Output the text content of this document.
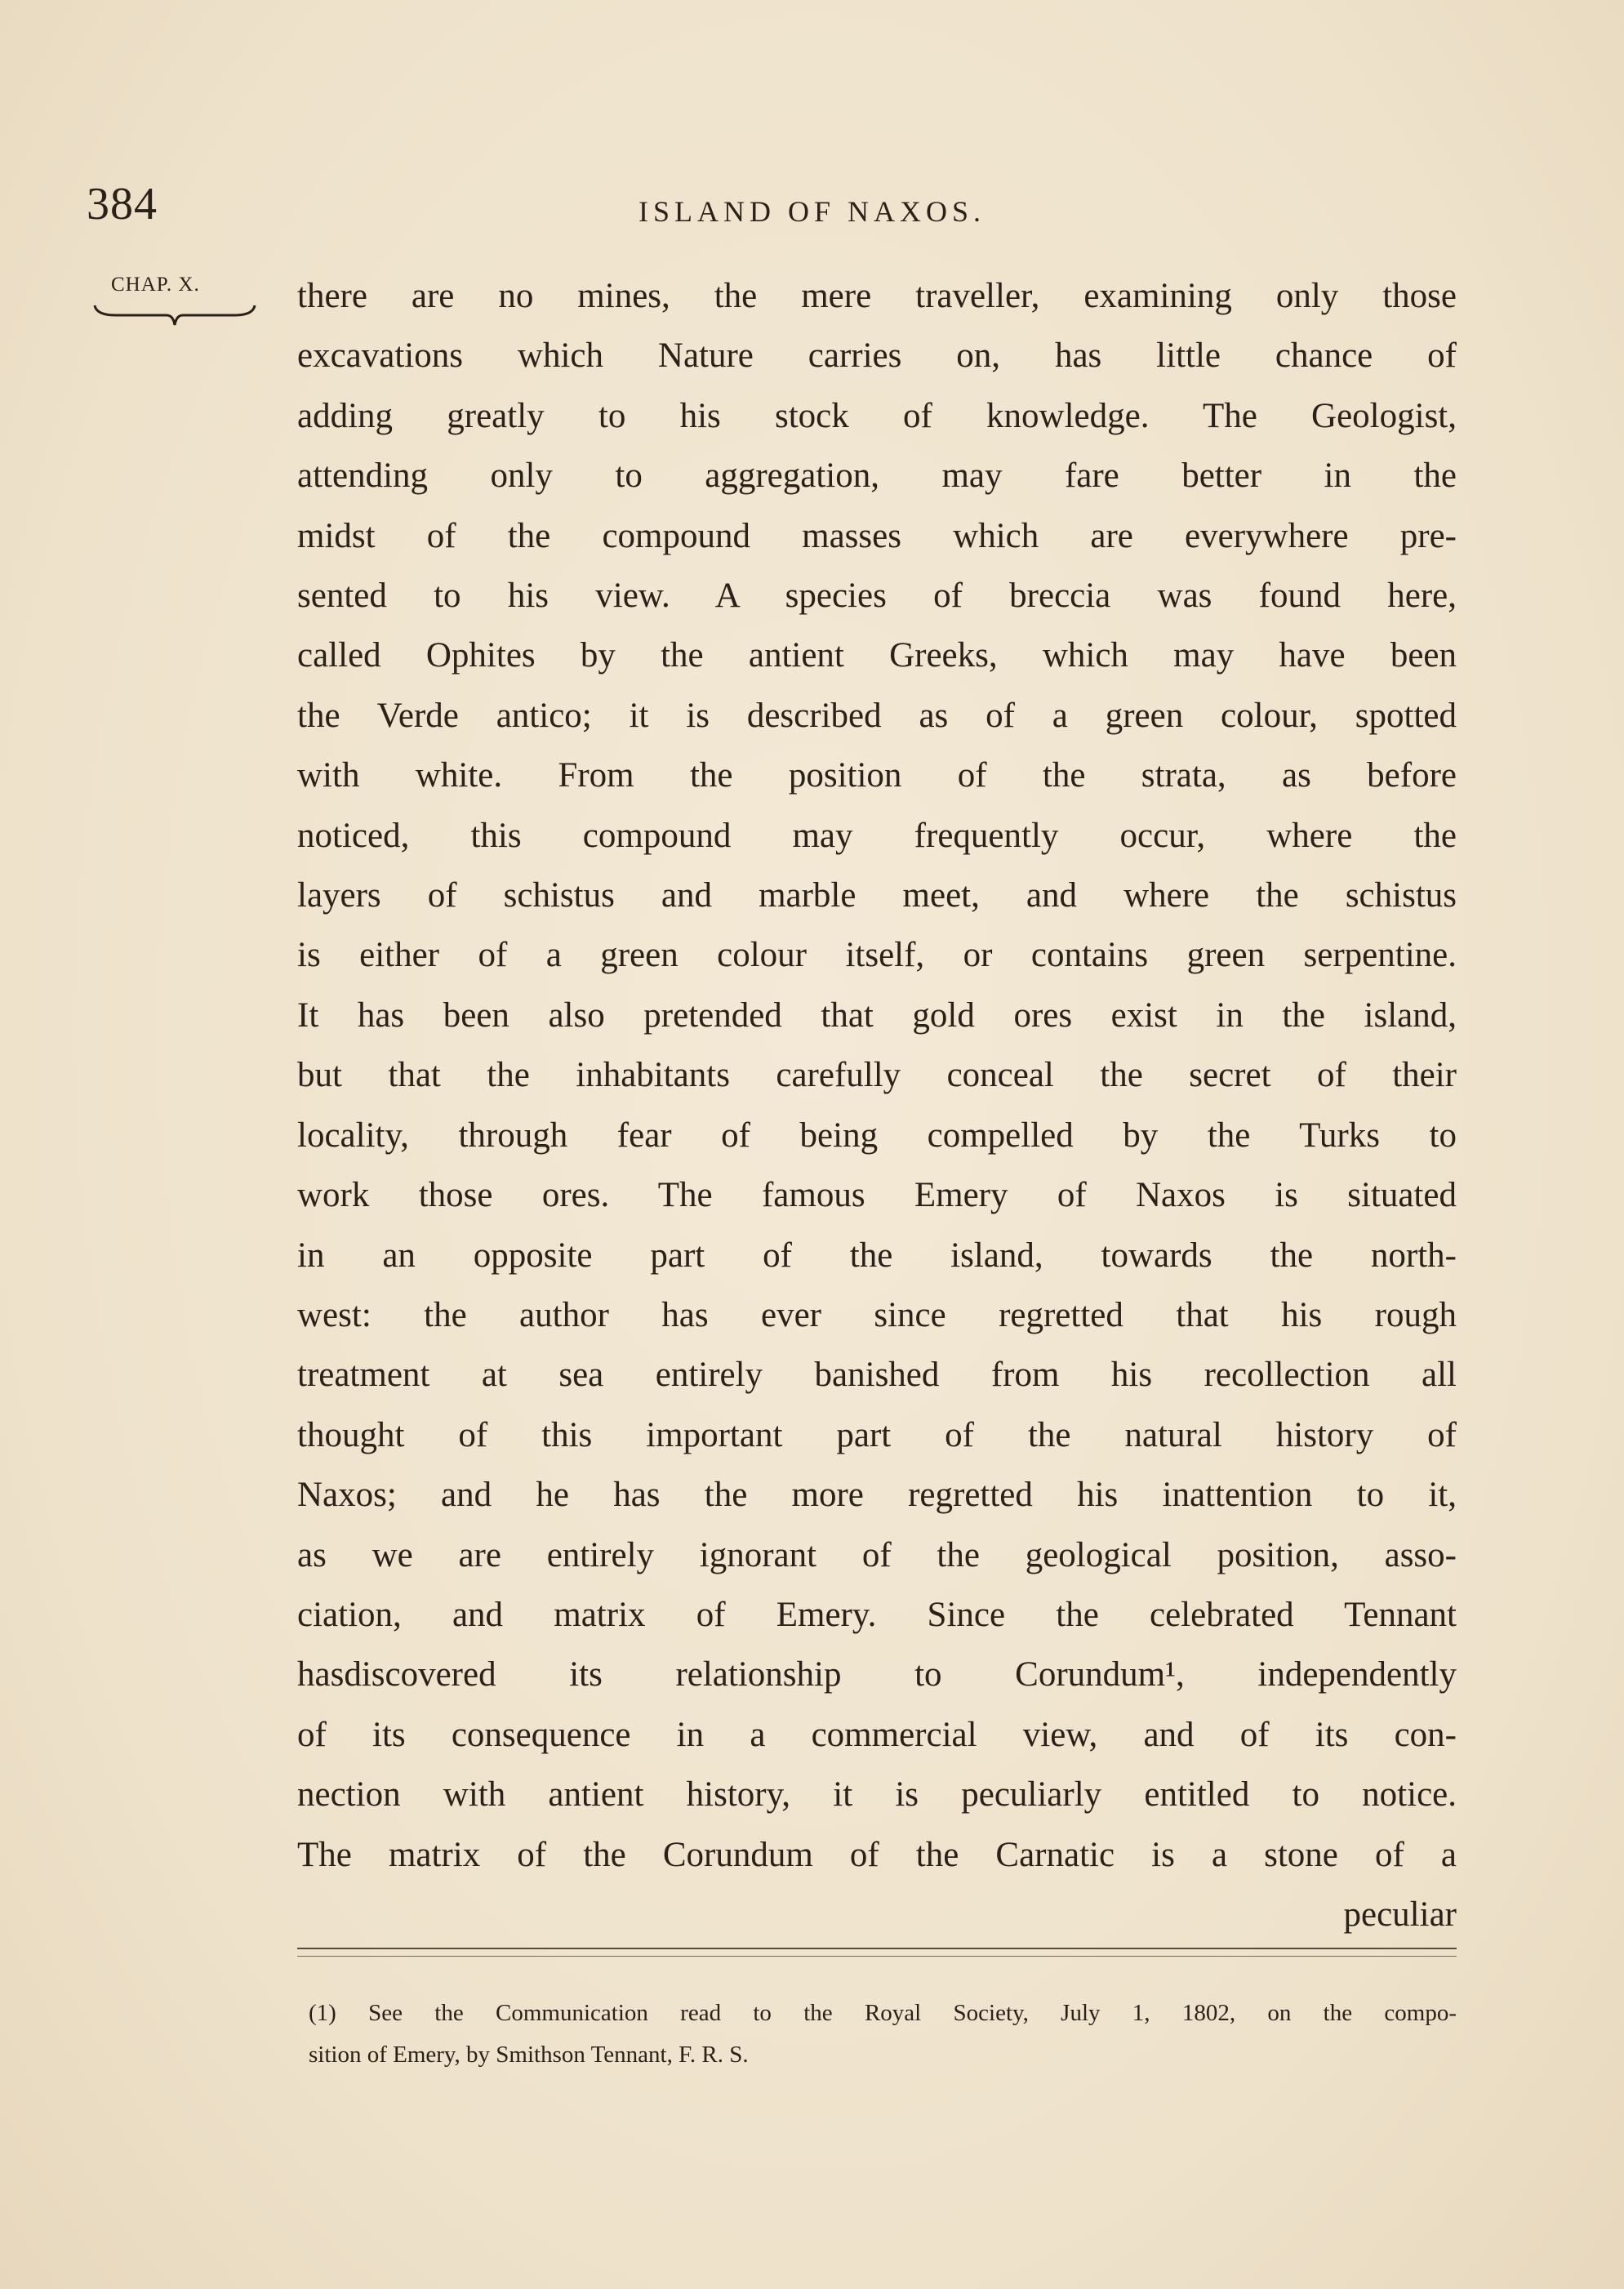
384	ISLAND OF NAXOS.
CHAP. X.	there are no mines, the mere traveller, examining only those
excavations which Nature carries on, has little chance of
adding greatly to his stock of knowledge. The Geologist,
attending only to aggregation, may fare better in the
midst of the compound masses which are everywhere pre-
sented to his view. A species of breccia was found here,
called Ophites by the antient Greeks, which may have been
the Verde antico; it is described as of a green colour, spotted
with white. From the position of the strata, as before
noticed, this compound may frequently occur, where the
layers of schistus and marble meet, and where the schistus
is either of a green colour itself, or contains green serpentine.
It has been also pretended that gold ores exist in the island,
but that the inhabitants carefully conceal the secret of their
locality, through fear of being compelled by the Turks to
work those ores. The famous Emery of Naxos is situated
in an opposite part of the island, towards the north-
west: the author has ever since regretted that his rough
treatment at sea entirely banished from his recollection all
thought of this important part of the natural history of
Naxos; and he has the more regretted his inattention to it,
as we are entirely ignorant of the geological position, asso-
ciation, and matrix of Emery. Since the celebrated Tennant
hasdiscovered its relationship to Corundum¹, independently
of its consequence in a commercial view, and of its con-
nection with antient history, it is peculiarly entitled to notice.
The matrix of the Corundum of the Carnatic is a stone of a
peculiar
(1) See the Communication read to the Royal Society, July 1, 1802, on the compo-
sition of Emery, by Smithson Tennant, F. R. S.
